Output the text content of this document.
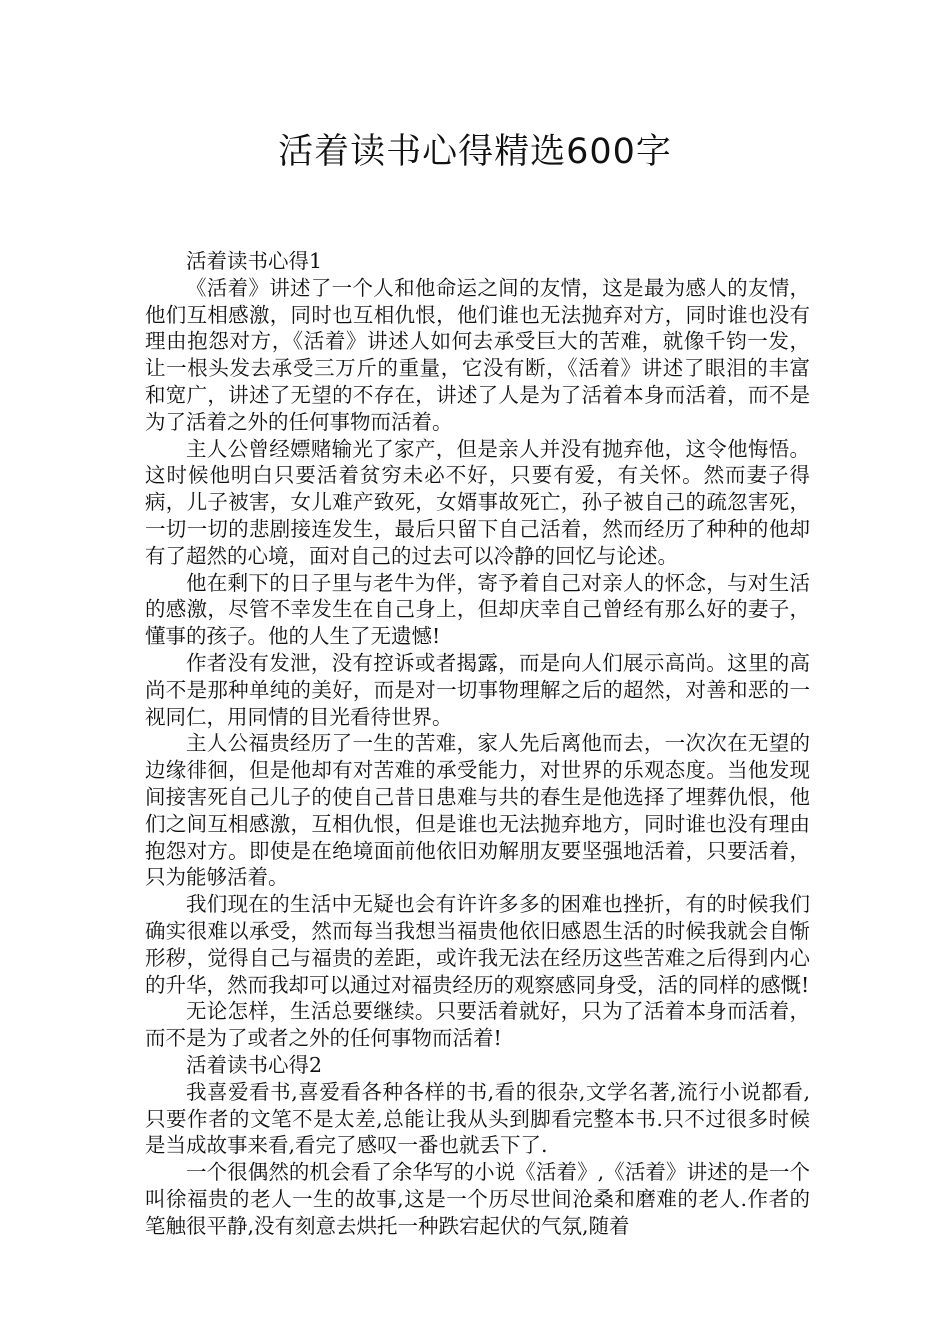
活着读书心得精选600字

活着读书心得1

《活着》讲述了一个人和他命运之间的友情，这是最为感人的友情，他们互相感激，同时也互相仇恨，他们谁也无法抛弃对方，同时谁也没有理由抱怨对方，《活着》讲述人如何去承受巨大的苦难，就像千钧一发，让一根头发去承受三万斤的重量，它没有断，《活着》讲述了眼泪的丰富和宽广，讲述了无望的不存在，讲述了人是为了活着本身而活着，而不是为了活着之外的任何事物而活着。

主人公曾经嫖赌输光了家产，但是亲人并没有抛弃他，这令他悔悟。这时候他明白只要活着贫穷未必不好，只要有爱，有关怀。然而妻子得病，儿子被害，女儿难产致死，女婿事故死亡，孙子被自己的疏忽害死，一切一切的悲剧接连发生，最后只留下自己活着，然而经历了种种的他却有了超然的心境，面对自己的过去可以冷静的回忆与论述。

他在剩下的日子里与老牛为伴，寄予着自己对亲人的怀念，与对生活的感激，尽管不幸发生在自己身上，但却庆幸自己曾经有那么好的妻子，懂事的孩子。他的人生了无遗憾!

作者没有发泄，没有控诉或者揭露，而是向人们展示高尚。这里的高尚不是那种单纯的美好，而是对一切事物理解之后的超然，对善和恶的一视同仁，用同情的目光看待世界。

主人公福贵经历了一生的苦难，家人先后离他而去，一次次在无望的边缘徘徊，但是他却有对苦难的承受能力，对世界的乐观态度。当他发现间接害死自己儿子的使自己昔日患难与共的春生是他选择了埋葬仇恨，他们之间互相感激，互相仇恨，但是谁也无法抛弃地方，同时谁也没有理由抱怨对方。即使是在绝境面前他依旧劝解朋友要坚强地活着，只要活着，只为能够活着。

我们现在的生活中无疑也会有许许多多的困难也挫折，有的时候我们确实很难以承受，然而每当我想当福贵他依旧感恩生活的时候我就会自惭形秽，觉得自己与福贵的差距，或许我无法在经历这些苦难之后得到内心的升华，然而我却可以通过对福贵经历的观察感同身受，活的同样的感慨!

无论怎样，生活总要继续。只要活着就好，只为了活着本身而活着，而不是为了或者之外的任何事物而活着!

活着读书心得2

我喜爱看书,喜爱看各种各样的书,看的很杂,文学名著,流行小说都看,只要作者的文笔不是太差,总能让我从头到脚看完整本书.只不过很多时候是当成故事来看,看完了感叹一番也就丢下了.

一个很偶然的机会看了余华写的小说《活着》,《活着》讲述的是一个叫徐福贵的老人一生的故事,这是一个历尽世间沧桑和磨难的老人.作者的笔触很平静,没有刻意去烘托一种跌宕起伏的气氛,随着
